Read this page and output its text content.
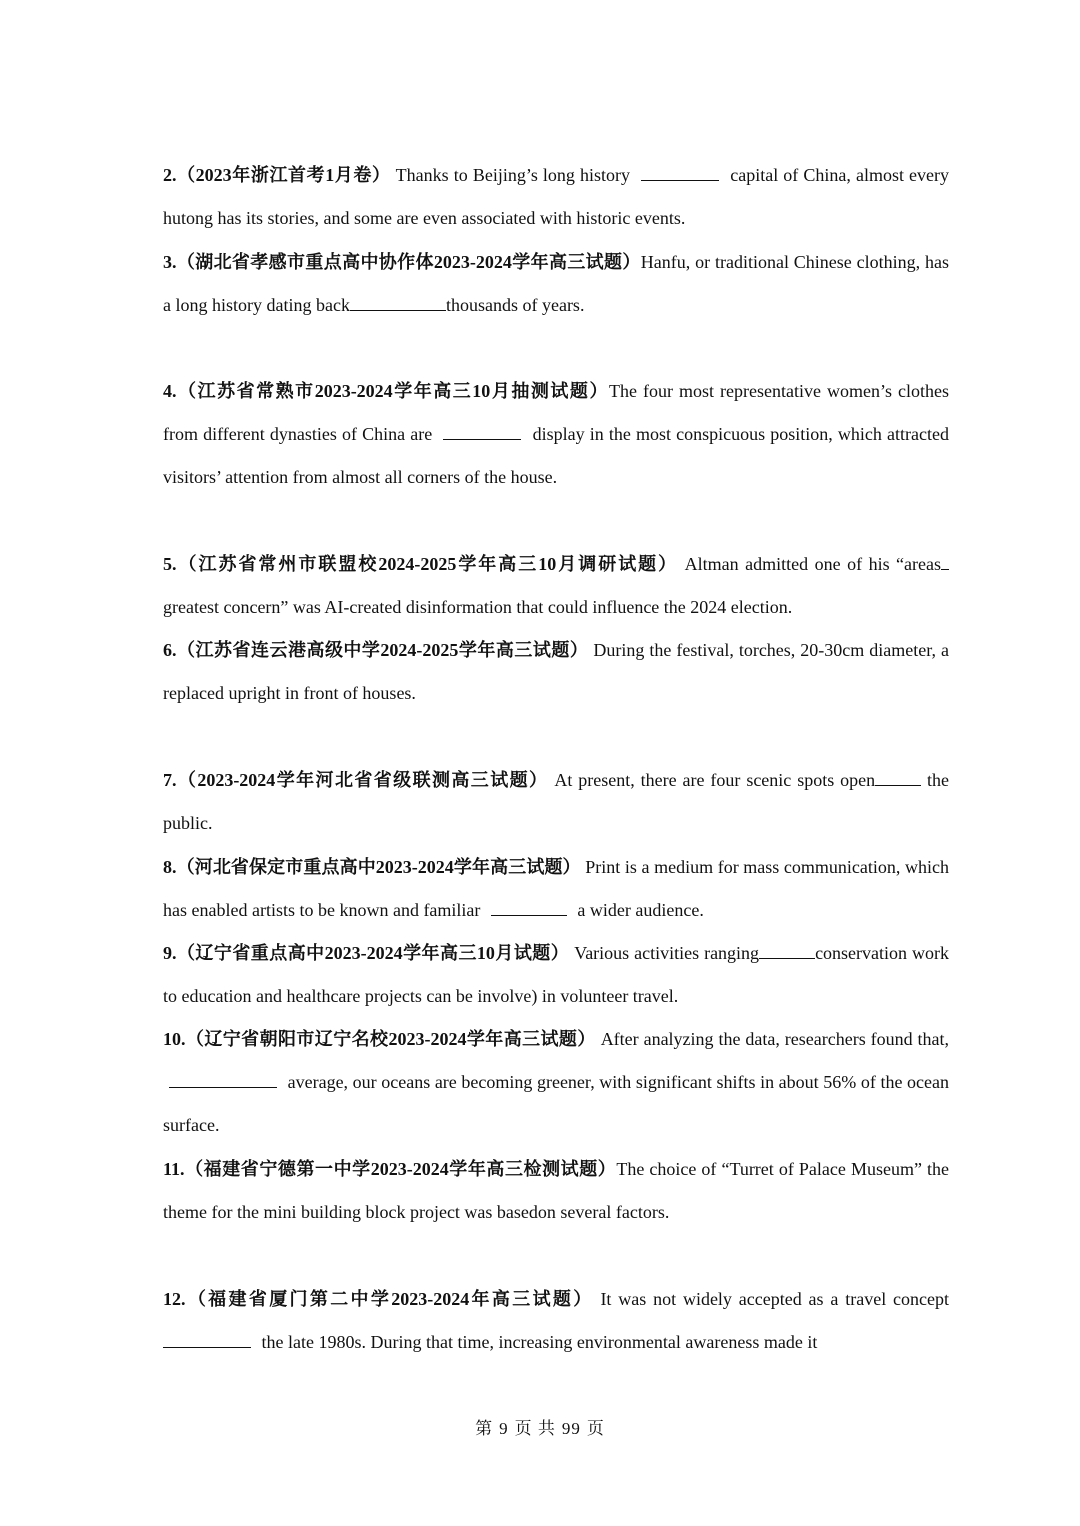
2.（2023年浙江首考1月卷） Thanks to Beijing’s long history	capital of China, almost every hutong has its stories, and some are even associated with historic events.

3.（湖北省孝感市重点高中协作体2023-2024学年高三试题）Hanfu, or traditional Chinese clothing, has a long history dating back	thousands of years.

4.（江苏省常熟市2023-2024学年高三10月抽测试题）The four most representative women’s clothes from different dynasties of China are	display in the most conspicuous position, which attracted visitors’ attention from almost all corners of the house.

5.（江苏省常州市联盟校2024-2025学年高三10月调研试题） Altman admitted one of his “areas greatest concern” was AI-created disinformation that could influence the 2024 election.

6.（江苏省连云港高级中学2024-2025学年高三试题） During the festival, torches, 20-30cm diameter, a replaced upright in front of houses.

7.（2023-2024学年河北省省级联测高三试题） At present, there are four scenic spots open	the public.

8.（河北省保定市重点高中2023-2024学年高三试题） Print is a medium for mass communication, which has enabled artists to be known and familiar	a wider audience.

9.（辽宁省重点高中2023-2024学年高三10月试题） Various activities ranging	conservation work to education and healthcare projects can be involve) in volunteer travel.

10.（辽宁省朝阳市辽宁名校2023-2024学年高三试题） After analyzing the data, researchers found that,  average, our oceans are becoming greener, with significant shifts in about 56% of the ocean surface.

11.（福建省宁德第一中学2023-2024学年高三检测试题）The choice of “Turret of Palace Museum” the theme for the mini building block project was basedon several factors.

12.（福建省厦门第二中学2023-2024年高三试题） It was not widely accepted as a travel concept the late 1980s. During that time, increasing environmental awareness made it

第 9 页 共 99 页
